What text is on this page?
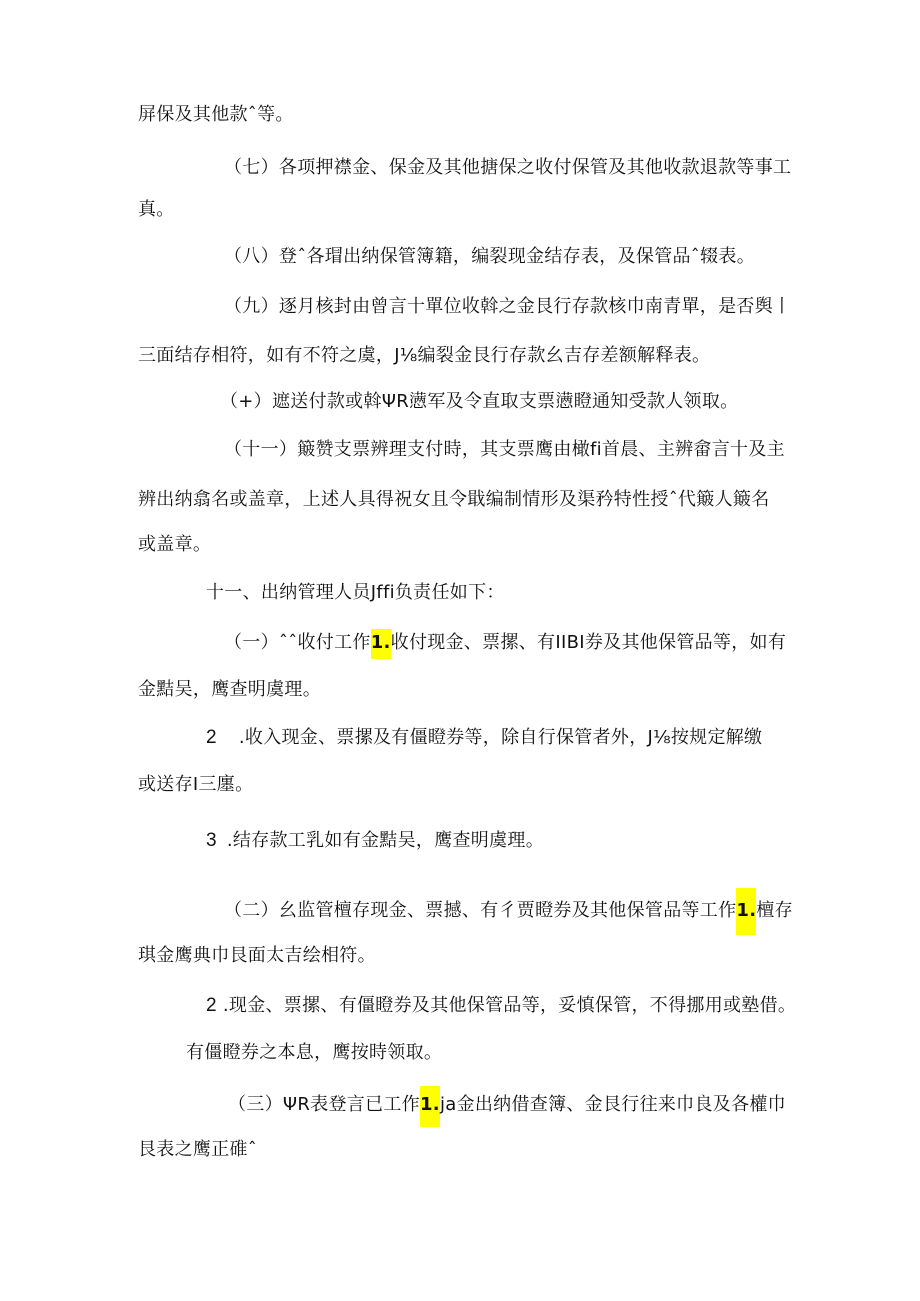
屏保及其他款ˆ等。
（七）各项押襟金、保金及其他搪保之收付保管及其他收款退款等事工
真。
（八）登ˆ各瑁出纳保管簿籍，编裂现金结存表，及保管品ˆ辍表。
（九）逐月核封由曾言十單位收斡之金艮行存款核巾南青單，是否舆丨
三面结存相符，如有不符之虞，J⅛编裂金艮行存款幺吉存差额解释表。
（+）遮送付款或斡ΨR懑军及令直取支票懑瞪通知受款人领取。
（十一）簸赞支票辨理支付時，其支票鹰由橄fi首晨、主辨畲言十及主
辨出纳翕名或盖章，上述人具得祝女且令戢编制情形及渠矜特性授ˆ代簸人簸名
或盖章。
十一、出纳管理人员Jffi负责任如下：
（一）ˆˆ收付工作1.收付现金、票摞、有IIBI券及其他保管品等，如有
金黠吴，鹰查明虞理。
2 .收入现金、票摞及有僵瞪券等，除自行保管者外，J⅛按规定解缴
或送存I三廛。
3 .结存款工乳如有金黠吴，鹰查明虞理。
（二）幺监管檀存现金、票撼、有彳贾瞪券及其他保管品等工作1.檀存
琪金鹰典巾艮面太吉绘相符。
2 .现金、票摞、有僵瞪券及其他保管品等，妥慎保管，不得挪用或塾借。
有僵瞪券之本息，鹰按時领取。
（三）ΨR表登言已工作1.ja金出纳借查簿、金艮行往来巾良及各權巾
艮表之鹰正碓ˆ
